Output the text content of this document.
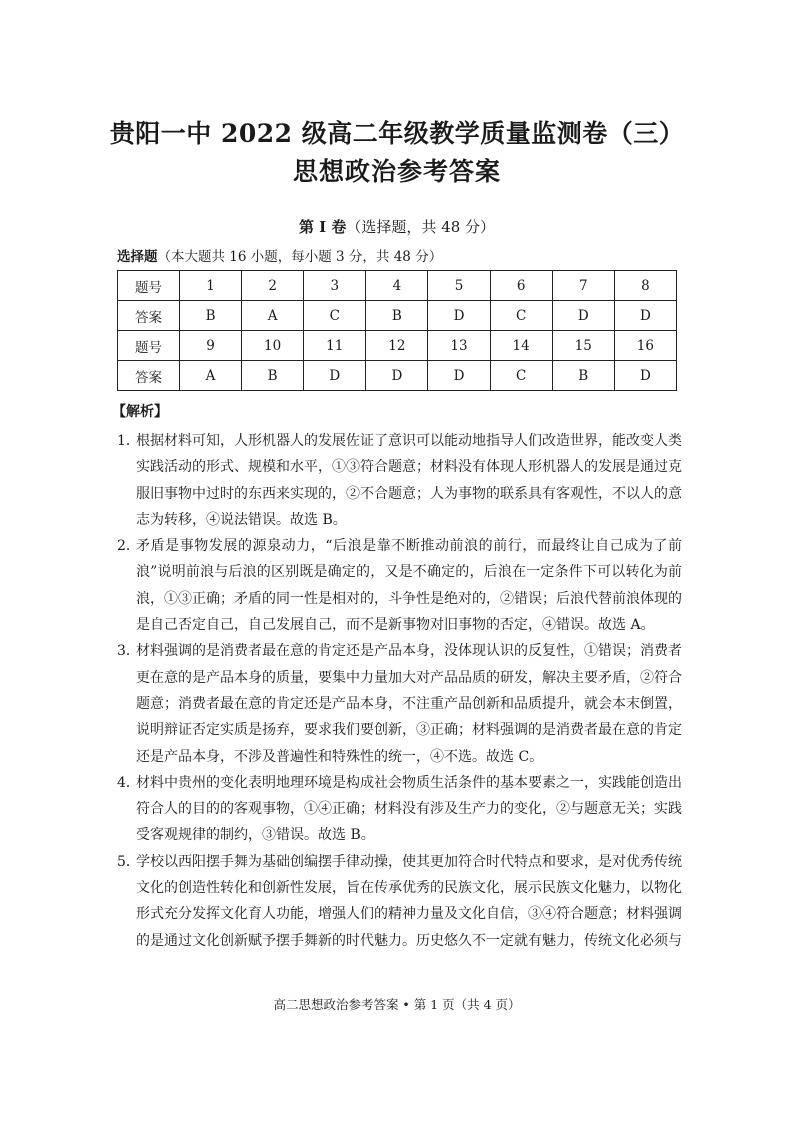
贵阳一中 2022 级高二年级教学质量监测卷（三）
思想政治参考答案
第 Ⅰ 卷（选择题，共 48 分）
选择题（本大题共 16 小题，每小题 3 分，共 48 分）
题号	1	2	3	4	5	6	7	8
答案	B	A	C	B	D	C	D	D
题号	9	10	11	12	13	14	15	16
答案	A	B	D	D	D	C	B	D
【解析】
1．
根据材料可知，人形机器人的发展佐证了意识可以能动地指导人们改造世界，能改变人类实践活动的形式、规模和水平，①③符合题意；材料没有体现人形机器人的发展是通过克服旧事物中过时的东西来实现的，②不合题意；人为事物的联系具有客观性，不以人的意志为转移，④说法错误。故选 B。
2．
矛盾是事物发展的源泉动力，“后浪是靠不断推动前浪的前行，而最终让自己成为了前浪”说明前浪与后浪的区别既是确定的，又是不确定的，后浪在一定条件下可以转化为前浪，①③正确；矛盾的同一性是相对的，斗争性是绝对的，②错误；后浪代替前浪体现的是自己否定自己，自己发展自己，而不是新事物对旧事物的否定，④错误。故选 A。
3．
材料强调的是消费者最在意的肯定还是产品本身，没体现认识的反复性，①错误；消费者更在意的是产品本身的质量，要集中力量加大对产品品质的研发，解决主要矛盾，②符合题意；消费者最在意的肯定还是产品本身，不注重产品创新和品质提升，就会本末倒置，说明辩证否定实质是扬弃，要求我们要创新，③正确；材料强调的是消费者最在意的肯定还是产品本身，不涉及普遍性和特殊性的统一，④不选。故选 C。
4．
材料中贵州的变化表明地理环境是构成社会物质生活条件的基本要素之一，实践能创造出符合人的目的的客观事物，①④正确；材料没有涉及生产力的变化，②与题意无关；实践受客观规律的制约，③错误。故选 B。
5．
学校以西阳摆手舞为基础创编摆手律动操，使其更加符合时代特点和要求，是对优秀传统文化的创造性转化和创新性发展，旨在传承优秀的民族文化，展示民族文化魅力，以物化形式充分发挥文化育人功能，增强人们的精神力量及文化自信，③④符合题意；材料强调的是通过文化创新赋予摆手舞新的时代魅力。历史悠久不一定就有魅力，传统文化必须与
高二思想政治参考答案 • 第 1 页（共 4 页）
